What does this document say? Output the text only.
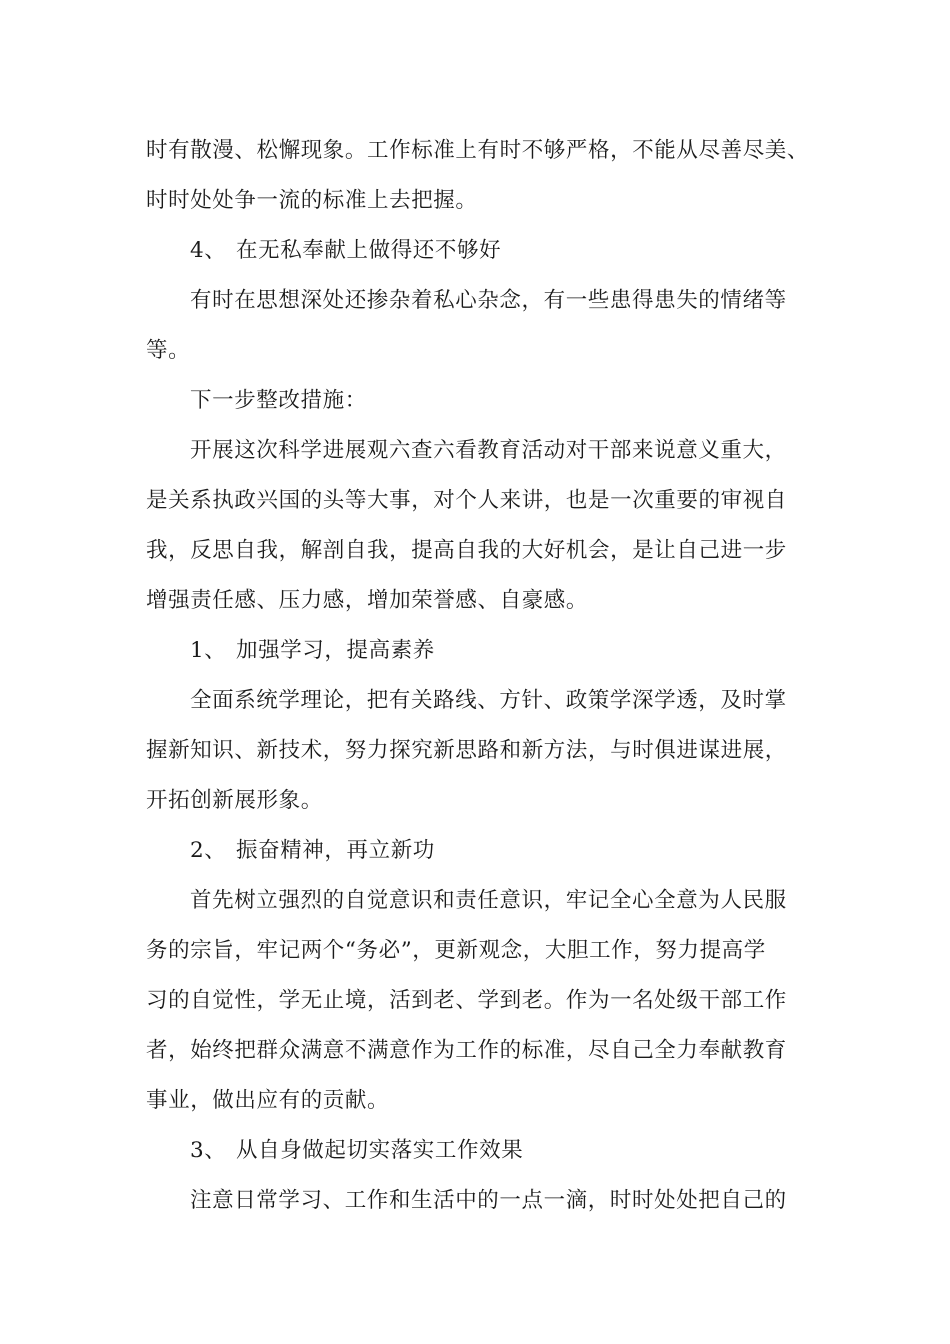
时有散漫、松懈现象。工作标准上有时不够严格，不能从尽善尽美、
时时处处争一流的标准上去把握。

4、 在无私奉献上做得还不够好

有时在思想深处还掺杂着私心杂念，有一些患得患失的情绪等
等。

下一步整改措施：

开展这次科学进展观六查六看教育活动对干部来说意义重大，
是关系执政兴国的头等大事，对个人来讲，也是一次重要的审视自
我，反思自我，解剖自我，提高自我的大好机会，是让自己进一步
增强责任感、压力感，增加荣誉感、自豪感。

1、 加强学习，提高素养

全面系统学理论，把有关路线、方针、政策学深学透，及时掌
握新知识、新技术，努力探究新思路和新方法，与时俱进谋进展，
开拓创新展形象。

2、 振奋精神，再立新功

首先树立强烈的自觉意识和责任意识，牢记全心全意为人民服
务的宗旨，牢记两个“务必”，更新观念，大胆工作，努力提高学
习的自觉性，学无止境，活到老、学到老。作为一名处级干部工作
者，始终把群众满意不满意作为工作的标准，尽自己全力奉献教育
事业，做出应有的贡献。

3、 从自身做起切实落实工作效果

注意日常学习、工作和生活中的一点一滴，时时处处把自己的
